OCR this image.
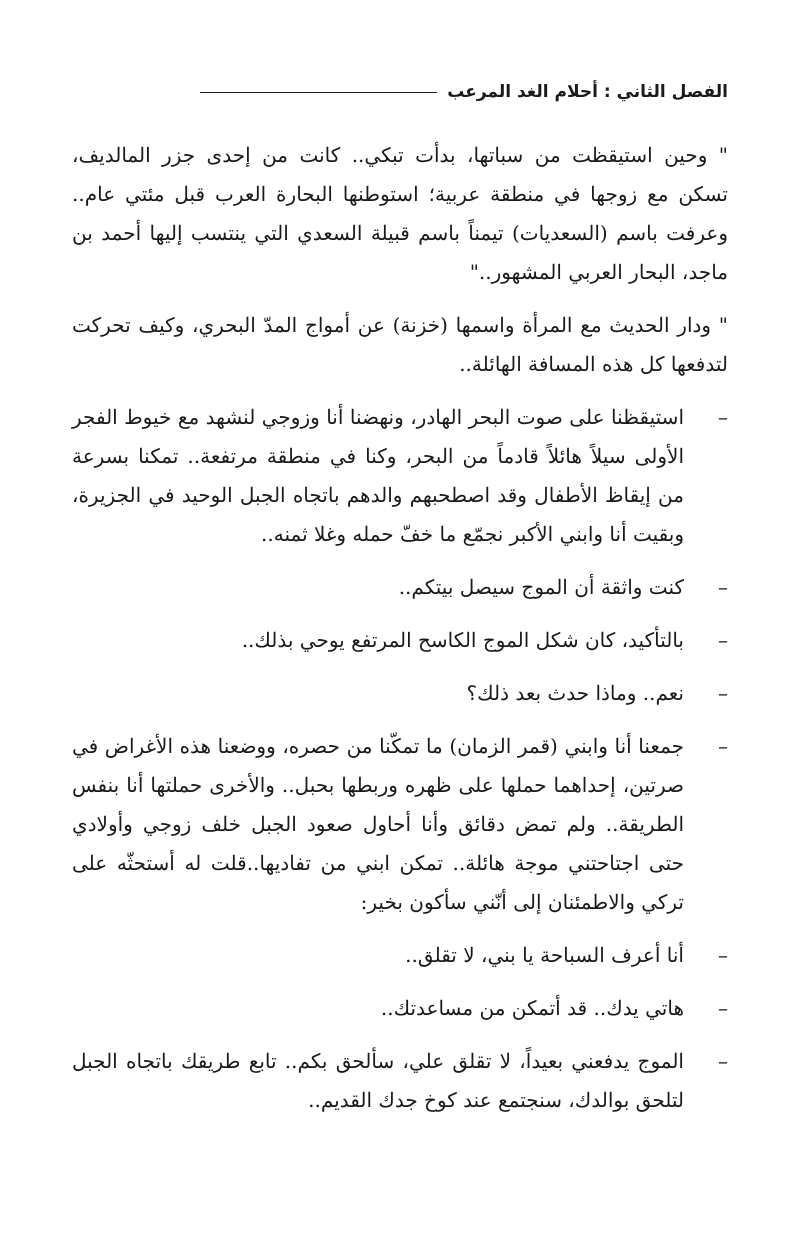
الفصل الثاني : أحلام الغد المرعب

" وحين استيقظت من سباتها، بدأت تبكي.. كانت من إحدى جزر المالديف، تسكن مع زوجها في منطقة عربية؛ استوطنها البحارة العرب قبل مئتي عام.. وعرفت باسم (السعديات) تيمناً باسم قبيلة السعدي التي ينتسب إليها أحمد بن ماجد، البحار العربي المشهور.."

" ودار الحديث مع المرأة واسمها (خزنة) عن أمواج المدّ البحري، وكيف تحركت لتدفعها كل هذه المسافة الهائلة..

–
استيقظنا على صوت البحر الهادر، ونهضنا أنا وزوجي لنشهد مع خيوط الفجر الأولى سيلاً هائلاً قادماً من البحر، وكنا في منطقة مرتفعة.. تمكنا بسرعة من إيقاظ الأطفال وقد اصطحبهم والدهم باتجاه الجبل الوحيد في الجزيرة، وبقيت أنا وابني الأكبر نجمّع ما خفّ حمله وغلا ثمنه..
–
كنت واثقة أن الموج سيصل بيتكم..
–
بالتأكيد، كان شكل الموج الكاسح المرتفع يوحي بذلك..
–
نعم.. وماذا حدث بعد ذلك؟
–
جمعنا أنا وابني (قمر الزمان) ما تمكّنا من حصره، ووضعنا هذه الأغراض في صرتين، إحداهما حملها على ظهره وربطها بحبل.. والأخرى حملتها أنا بنفس الطريقة.. ولم تمض دقائق وأنا أحاول صعود الجبل خلف زوجي وأولادي حتى اجتاحتني موجة هائلة.. تمكن ابني من تفاديها..قلت له أستحثّه على تركي والاطمئنان إلى أنّني سأكون بخير:
–
أنا أعرف السباحة يا بني، لا تقلق..
–
هاتي يدك.. قد أتمكن من مساعدتك..
–
الموج يدفعني بعيداً، لا تقلق علي، سألحق بكم.. تابع طريقك باتجاه الجبل لتلحق بوالدك، سنجتمع عند كوخ جدك القديم..
